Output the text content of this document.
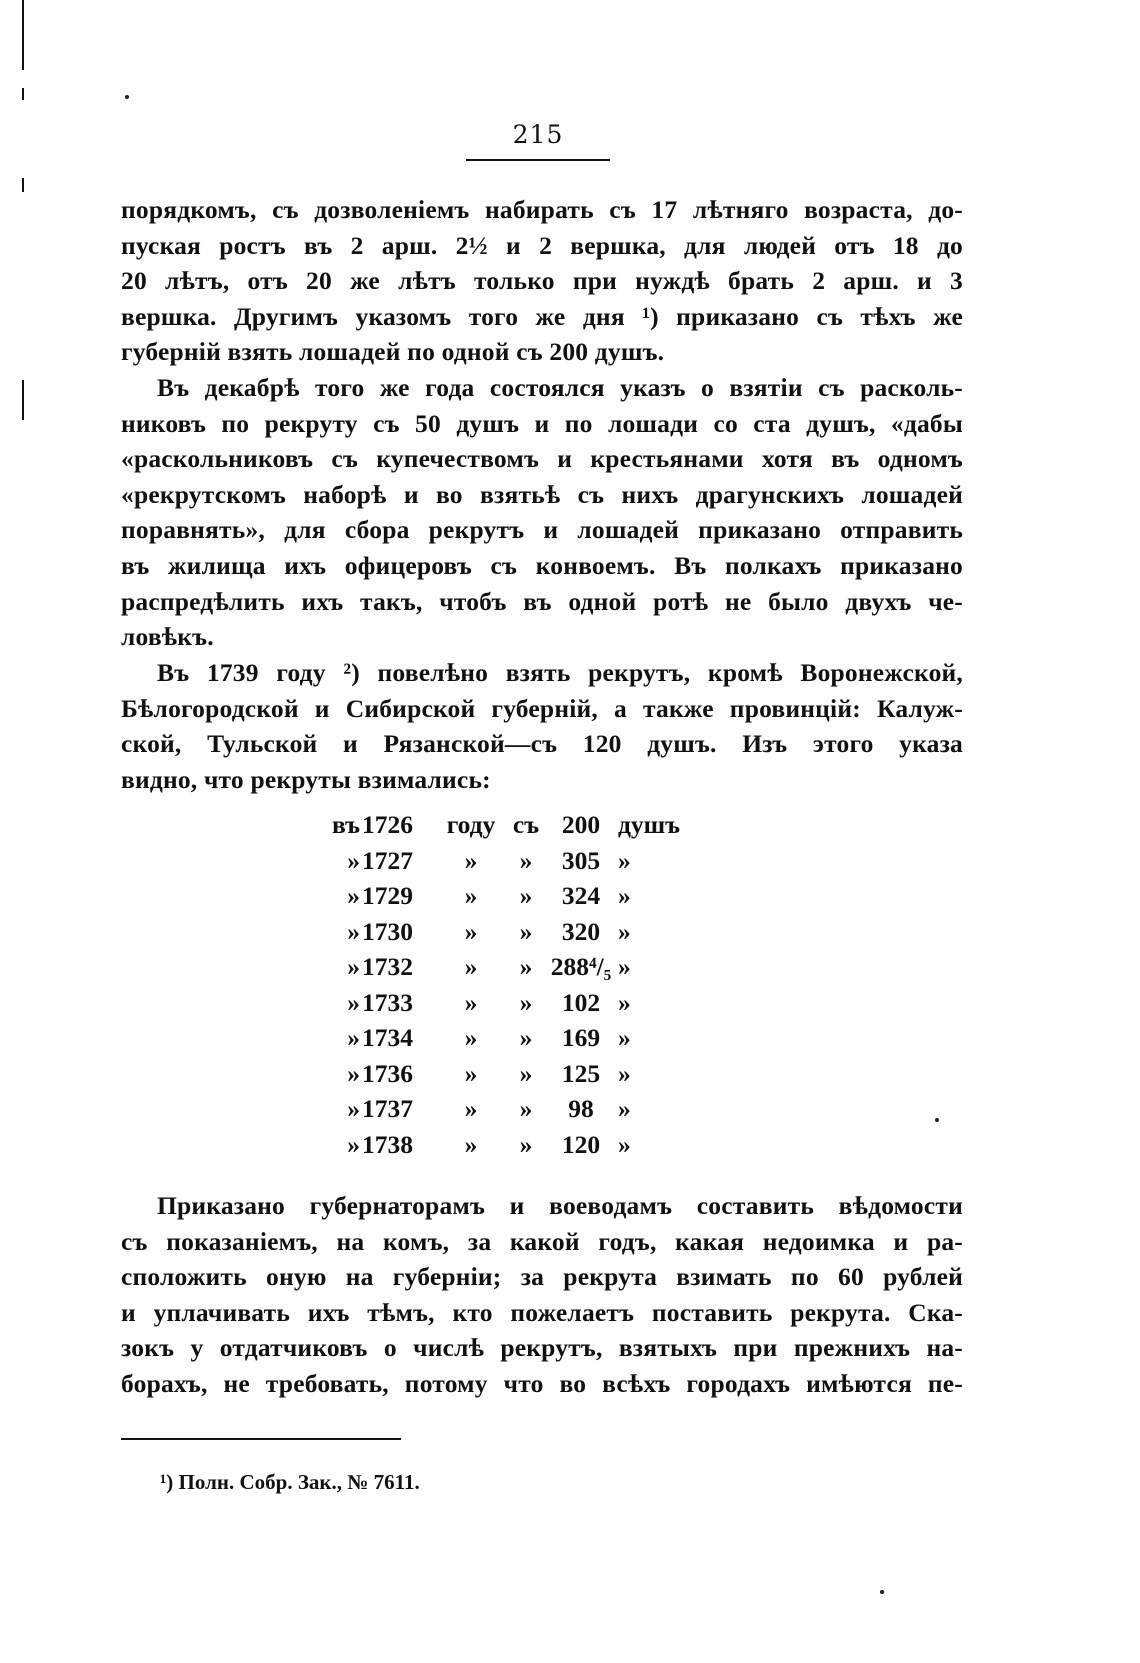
215
порядкомъ, съ дозволеніемъ набирать съ 17 лѣтняго возраста, до-
пуская ростъ въ 2 арш. 2½ и 2 вершка, для людей отъ 18 до
20 лѣтъ, отъ 20 же лѣтъ только при нуждѣ брать 2 арш. и 3
вершка. Другимъ указомъ того же дня ¹) приказано съ тѣхъ же
губерній взять лошадей по одной съ 200 душъ.
Въ декабрѣ того же года состоялся указъ о взятіи съ расколь-
никовъ по рекруту съ 50 душъ и по лошади со ста душъ, «дабы
«раскольниковъ съ купечествомъ и крестьянами хотя въ одномъ
«рекрутскомъ наборѣ и во взятьѣ съ нихъ драгунскихъ лошадей
поравнять», для сбора рекрутъ и лошадей приказано отправить
въ жилища ихъ офицеровъ съ конвоемъ. Въ полкахъ приказано
распредѣлить ихъ такъ, чтобъ въ одной ротѣ не было двухъ че-
ловѣкъ.
Въ 1739 году ²) повелѣно взять рекрутъ, кромѣ Воронежской,
Бѣлогородской и Сибирской губерній, а также провинцій: Калуж-
ской, Тульской и Рязанской—съ 120 душъ. Изъ этого указа
видно, что рекруты взимались:
въ 1726	году съ 200 душъ
» 1727	»	»	305 »
» 1729	»	»	324 »
» 1730	»	»	320 »
» 1732	»	» 288⁴/₅ »
» 1733	»	»	102 »
» 1734	»	»	169 »
» 1736	»	»	125 »
» 1737	»	»	98 »
» 1738	»	»	120 »
Приказано губернаторамъ и воеводамъ составить вѣдомости
съ показаніемъ, на комъ, за какой годъ, какая недоимка и ра-
сположить оную на губерніи; за рекрута взимать по 60 рублей
и уплачивать ихъ тѣмъ, кто пожелаетъ поставить рекрута. Ска-
зокъ у отдатчиковъ о числѣ рекрутъ, взятыхъ при прежнихъ на-
борахъ, не требовать, потому что во всѣхъ городахъ имѣются пе-
¹) Полн. Собр. Зак., № 7611.
